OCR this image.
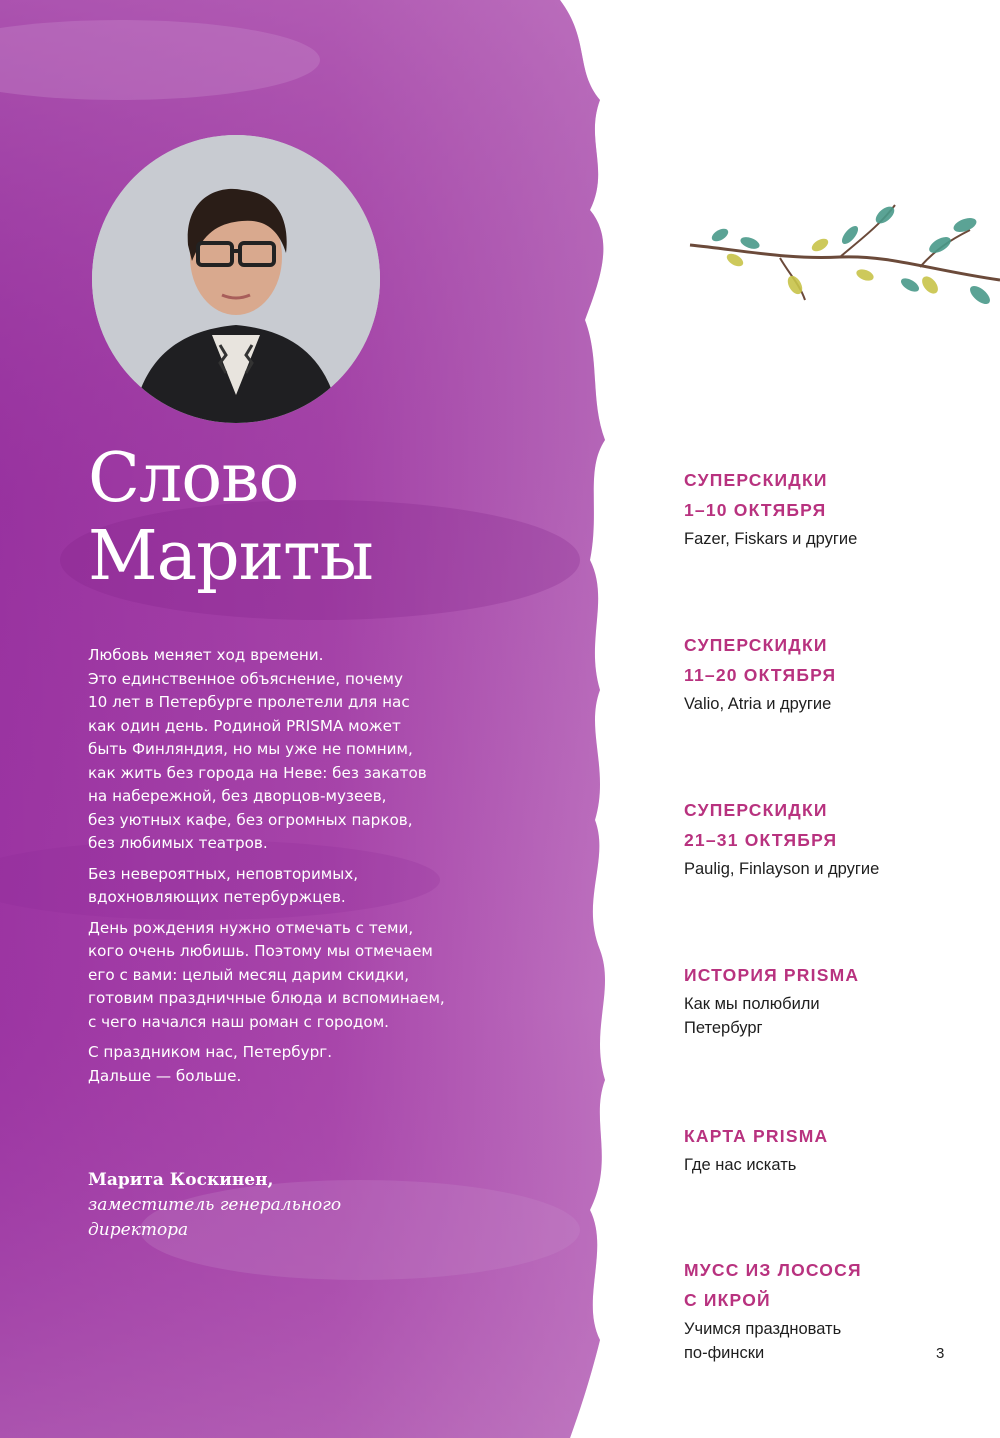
Слово
Мариты

Любовь меняет ход времени.
Это единственное объяснение, почему
10 лет в Петербурге пролетели для нас
как один день. Родиной PRISMA может
быть Финляндия, но мы уже не помним,
как жить без города на Неве: без закатов
на набережной, без дворцов-музеев,
без уютных кафе, без огромных парков,
без любимых театров.

Без невероятных, неповторимых,
вдохновляющих петербуржцев.

День рождения нужно отмечать с теми,
кого очень любишь. Поэтому мы отмечаем
его с вами: целый месяц дарим скидки,
готовим праздничные блюда и вспоминаем,
с чего начался наш роман с городом.

С праздником нас, Петербург.
Дальше — больше.

Марита Коскинен,
заместитель генерального
директора
СУПЕРСКИДКИ
1–10 ОКТЯБРЯ
Fazer, Fiskars и другие
СУПЕРСКИДКИ
11–20 ОКТЯБРЯ
Valio, Atria и другие
СУПЕРСКИДКИ
21–31 ОКТЯБРЯ
Paulig, Finlayson и другие
ИСТОРИЯ PRISMA
Как мы полюбили
Петербург
КАРТА PRISMA
Где нас искать
МУСС ИЗ ЛОСОСЯ
С ИКРОЙ
Учимся праздновать
по-фински	3
